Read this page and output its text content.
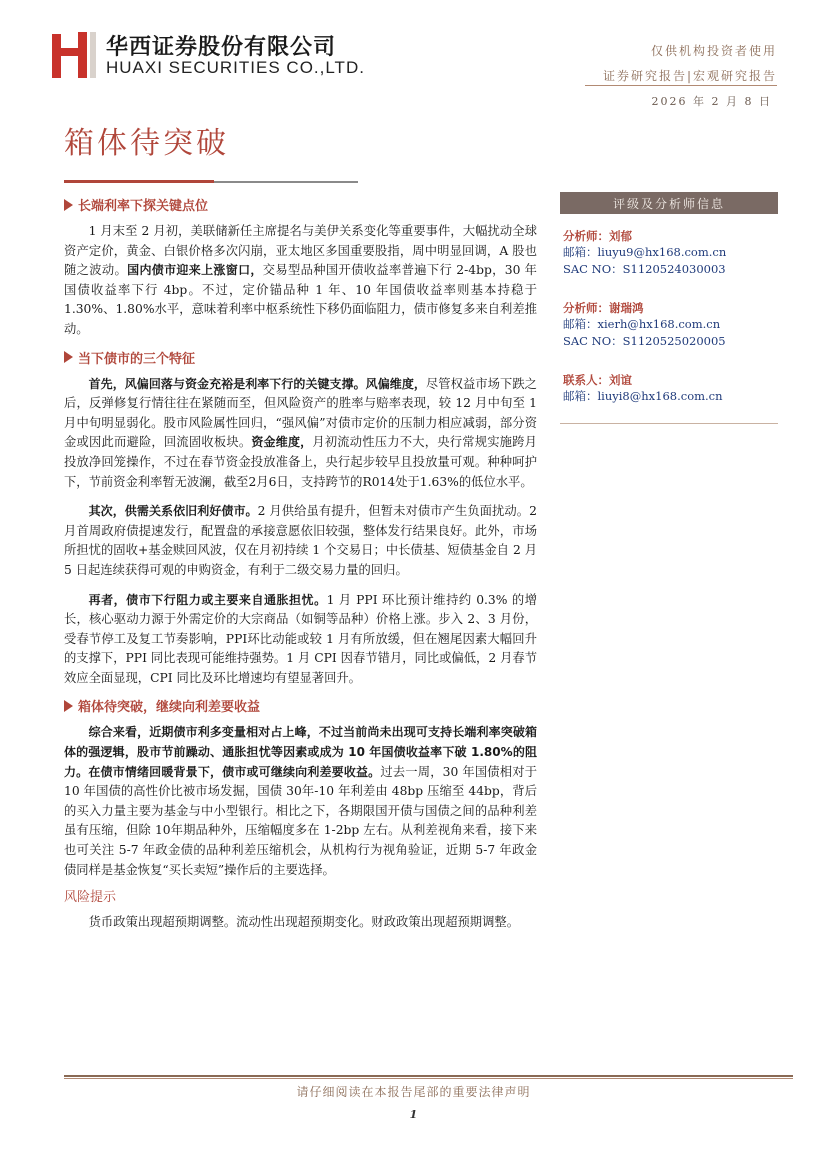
华西证券股份有限公司
HUAXI SECURITIES CO.,LTD.
仅供机构投资者使用
证券研究报告|宏观研究报告
2026 年 2 月 8 日
箱体待突破
长端利率下探关键点位

1 月末至 2 月初，美联储新任主席提名与美伊关系变化等重要事件，大幅扰动全球资产定价，黄金、白银价格多次闪崩，亚太地区多国重要股指，周中明显回调，A 股也随之波动。国内债市迎来上涨窗口，交易型品种国开债收益率普遍下行 2-4bp，30 年国债收益率下行 4bp。不过，定价锚品种 1 年、10 年国债收益率则基本持稳于 1.30%、1.80%水平，意味着利率中枢系统性下移仍面临阻力，债市修复多来自利差推动。

当下债市的三个特征

首先，风偏回落与资金充裕是利率下行的关键支撑。风偏维度，尽管权益市场下跌之后，反弹修复行情往往在紧随而至，但风险资产的胜率与赔率表现，较 12 月中旬至 1 月中旬明显弱化。股市风险属性回归，“强风偏”对债市定价的压制力相应减弱，部分资金或因此而避险，回流固收板块。资金维度，月初流动性压力不大，央行常规实施跨月投放净回笼操作，不过在春节资金投放准备上，央行起步较早且投放量可观。种种呵护下，节前资金利率暂无波澜，截至2月6日，支持跨节的R014处于1.63%的低位水平。

其次，供需关系依旧利好债市。2 月供给虽有提升，但暂未对债市产生负面扰动。2 月首周政府债提速发行，配置盘的承接意愿依旧较强，整体发行结果良好。此外，市场所担忧的固收+基金赎回风波，仅在月初持续 1 个交易日；中长债基、短债基金自 2 月 5 日起连续获得可观的申购资金，有利于二级交易力量的回归。

再者，债市下行阻力或主要来自通胀担忧。1 月 PPI 环比预计维持约 0.3% 的增长，核心驱动力源于外需定价的大宗商品（如铜等品种）价格上涨。步入 2、3 月份，受春节停工及复工节奏影响，PPI环比动能或较 1 月有所放缓，但在翘尾因素大幅回升的支撑下，PPI 同比表现可能维持强势。1 月 CPI 因春节错月，同比或偏低，2 月春节效应全面显现，CPI 同比及环比增速均有望显著回升。

箱体待突破，继续向利差要收益

综合来看，近期债市利多变量相对占上峰，不过当前尚未出现可支持长端利率突破箱体的强逻辑，股市节前躁动、通胀担忧等因素或成为 10 年国债收益率下破 1.80%的阻力。在债市情绪回暖背景下，债市或可继续向利差要收益。过去一周，30 年国债相对于 10 年国债的高性价比被市场发掘，国债 30年-10 年利差由 48bp 压缩至 44bp，背后的买入力量主要为基金与中小型银行。相比之下，各期限国开债与国债之间的品种利差虽有压缩，但除 10年期品种外，压缩幅度多在 1-2bp 左右。从利差视角来看，接下来也可关注 5-7 年政金债的品种利差压缩机会，从机构行为视角验证，近期 5-7 年政金债同样是基金恢复“买长卖短”操作后的主要选择。

风险提示

货币政策出现超预期调整。流动性出现超预期变化。财政政策出现超预期调整。

评级及分析师信息
分析师：刘郁
邮箱：liuyu9@hx168.com.cn
SAC NO：S1120524030003
分析师：谢瑞鸿
邮箱：xierh@hx168.com.cn
SAC NO：S1120525020005
联系人：刘谊
邮箱：liuyi8@hx168.com.cn
请仔细阅读在本报告尾部的重要法律声明
1
